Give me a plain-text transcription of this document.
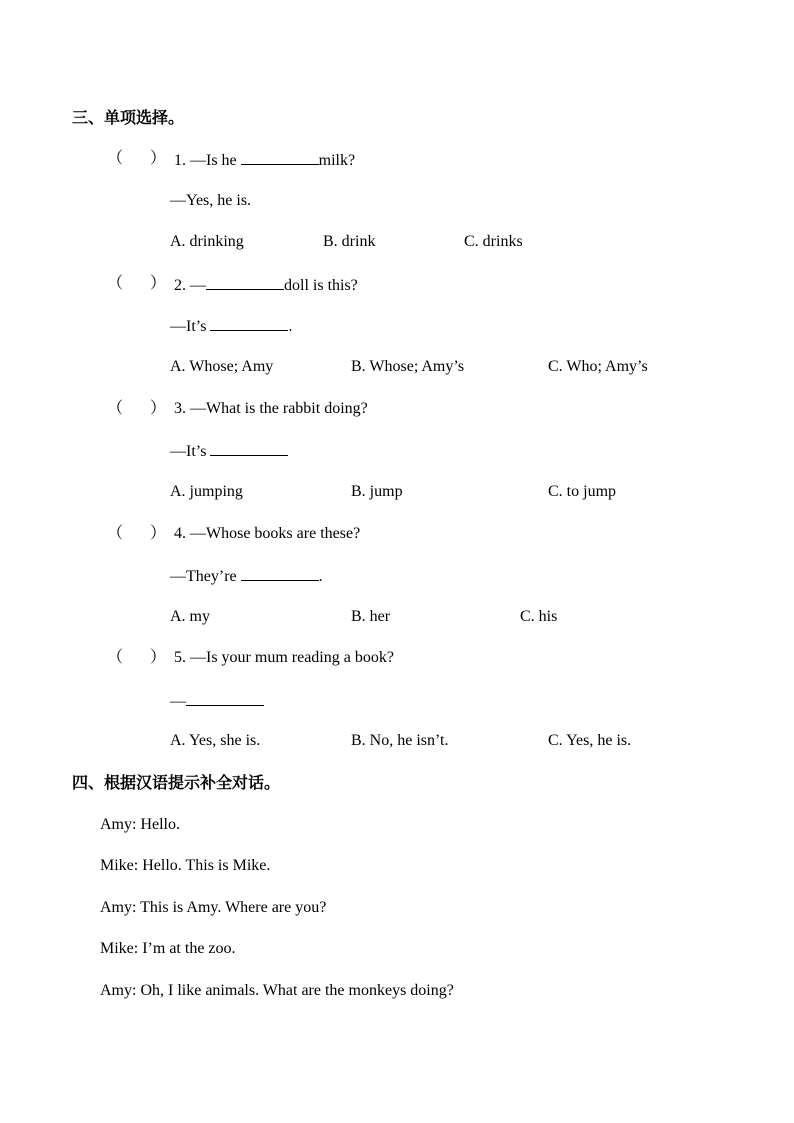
三、单项选择。
（ ） 1. —Is he	milk?
—Yes, he is.
A. drinking	B. drink	C. drinks
（ ） 2. —	doll is this?
—It’s	.
A. Whose; Amy	B. Whose; Amy’s	C. Who; Amy’s
（ ） 3. —What is the rabbit doing?
—It’s
A. jumping	B. jump	C. to jump
（ ） 4. —Whose books are these?
—They’re	.
A. my	B. her	C. his
（ ） 5. —Is your mum reading a book?
—
A. Yes, she is.	B. No, he isn’t.	C. Yes, he is.
四、根据汉语提示补全对话。
Amy: Hello.
Mike: Hello. This is Mike.
Amy: This is Amy. Where are you?
Mike: I’m at the zoo.
Amy: Oh, I like animals. What are the monkeys doing?
